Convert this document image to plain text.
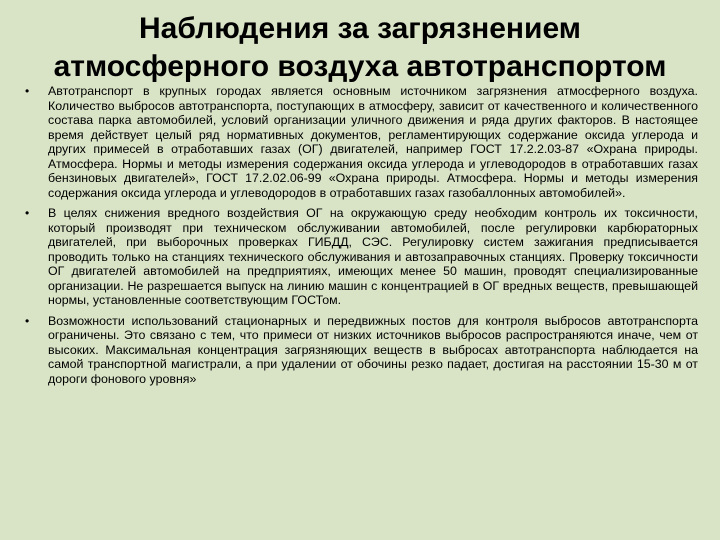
Наблюдения за загрязнением
атмосферного воздуха автотранспортом
• Автотранспорт в крупных городах является основным источником загрязнения атмосферного воздуха. Количество выбросов автотранспорта, поступающих в атмосферу, зависит от качественного и количественного состава парка автомобилей, условий организации уличного движения и ряда других факторов. В настоящее время действует целый ряд нормативных документов, регламентирующих содержание оксида углерода и других примесей в отработавших газах (ОГ) двигателей, например ГОСТ 17.2.2.03-87 «Охрана природы. Атмосфера. Нормы и методы измерения содержания оксида углерода и углеводородов в отработавших газах бензиновых двигателей», ГОСТ 17.2.02.06-99 «Охрана природы. Атмосфера. Нормы и методы измерения содержания оксида углерода и углеводородов в отработавших газах газобаллонных автомобилей».
• В целях снижения вредного воздействия ОГ на окружающую среду необходим контроль их токсичности, который производят при техническом обслуживании автомобилей, после регулировки карбюраторных двигателей, при выборочных проверках ГИБДД, СЭС. Регулировку систем зажигания предписывается проводить только на станциях технического обслуживания и автозаправочных станциях. Проверку токсичности ОГ двигателей автомобилей на предприятиях, имеющих менее 50 машин, проводят специализированные организации. Не разрешается выпуск на линию машин с концентрацией в ОГ вредных веществ, превышающей нормы, установленные соответствующим ГОСТом.
• Возможности использований стационарных и передвижных постов для контроля выбросов автотранспорта ограничены. Это связано с тем, что примеси от низких источников выбросов распространяются иначе, чем от высоких. Максимальная концентрация загрязняющих веществ в выбросах автотранспорта наблюдается на самой транспортной магистрали, а при удалении от обочины резко падает, достигая на расстоянии 15-30 м от дороги фонового уровня»
